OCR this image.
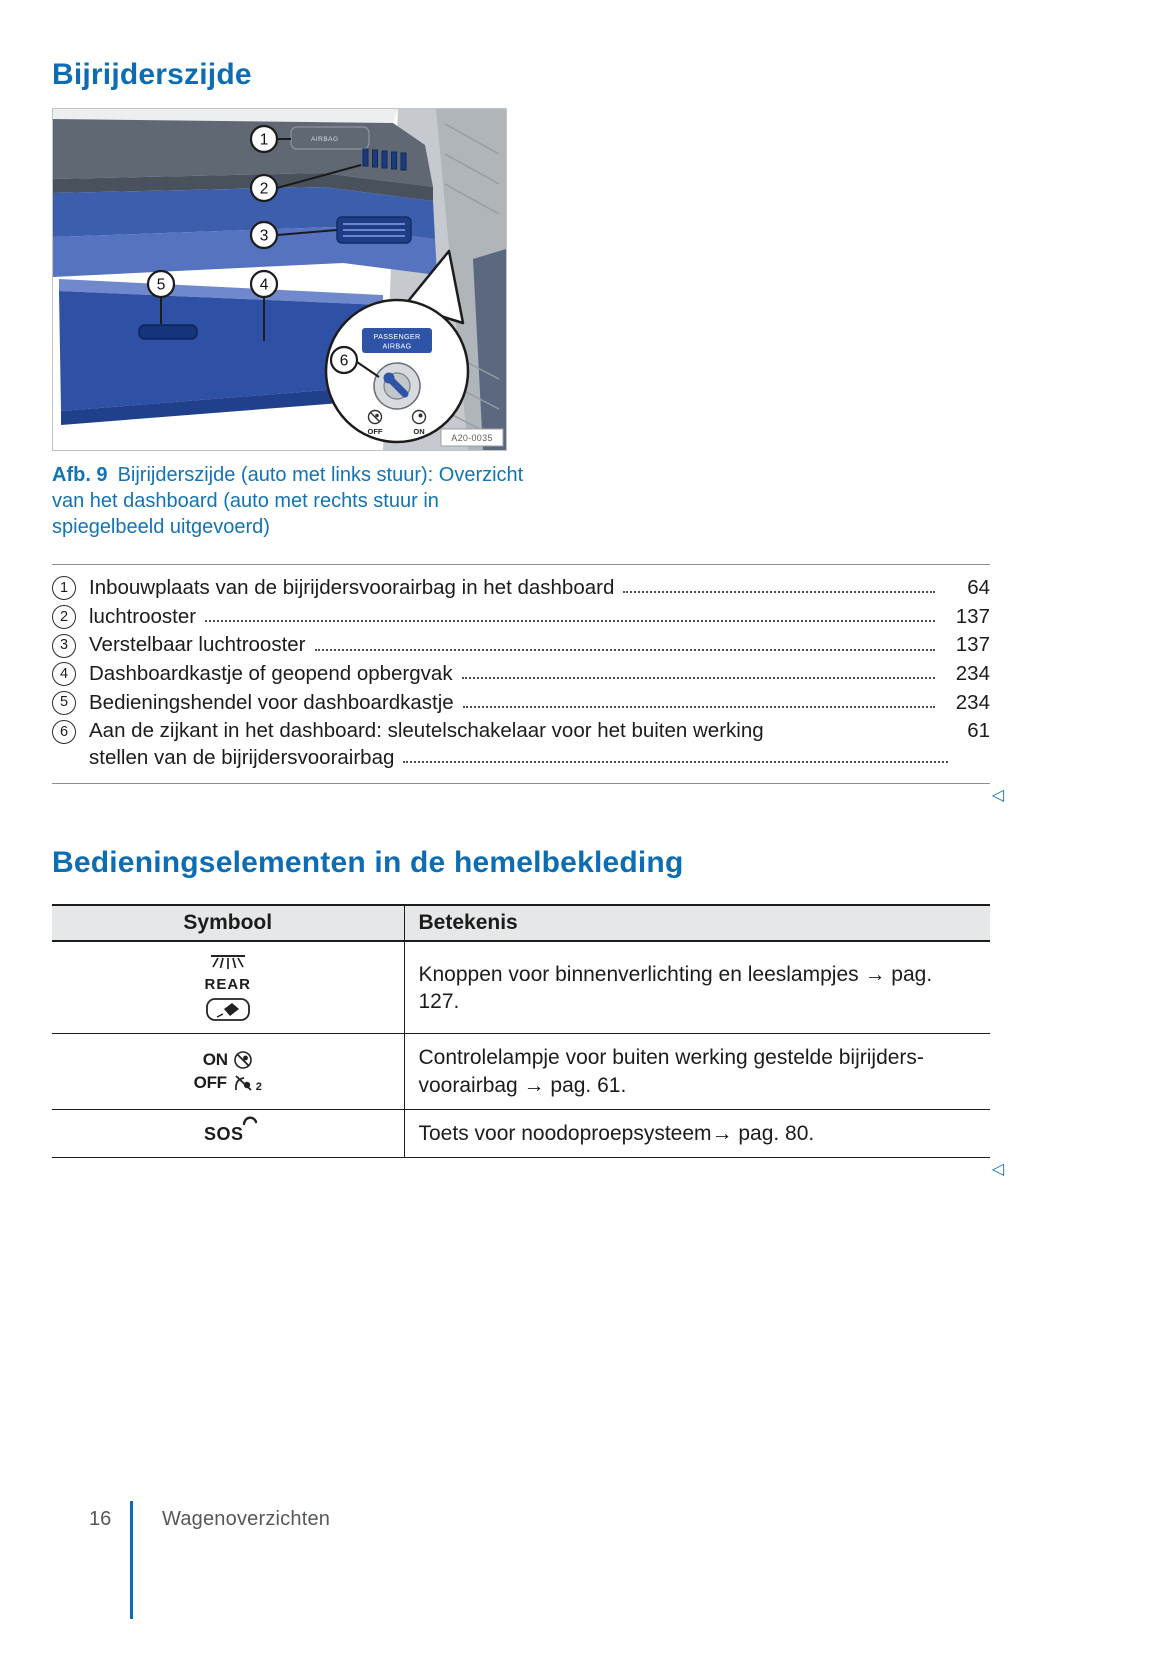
Bijrijderszijde
AIRBAG
PASSENGER
AIRBAG
OFF	ON
1
2
3
4
5
6
A20-0035

Afb. 9 Bijrijderszijde (auto met links stuur): Overzicht van het dashboard (auto met rechts stuur in spiegelbeeld uitgevoerd)

1	Inbouwplaats van de bijrijdersvoorairbag in het dashboard	64
2	luchtrooster	137
3	Verstelbaar luchtrooster	137
4	Dashboardkastje of geopend opbergvak	234
5	Bedieningshendel voor dashboardkastje	234
6	Aan de zijkant in het dashboard: sleutelschakelaar voor het buiten werking	61
stellen van de bijrijdersvoorairbag
◁
Bedieningselementen in de hemelbekleding
Symbool	Betekenis

REAR	Knoppen voor binnenverlichting en leeslampjes → pag. 127.

ON
OFF 2	Controlelampje voor buiten werking gestelde bijrijders-voorairbag → pag. 61.
SOS	Toets voor noodoproepsysteem→ pag. 80.
◁
16	Wagenoverzichten
